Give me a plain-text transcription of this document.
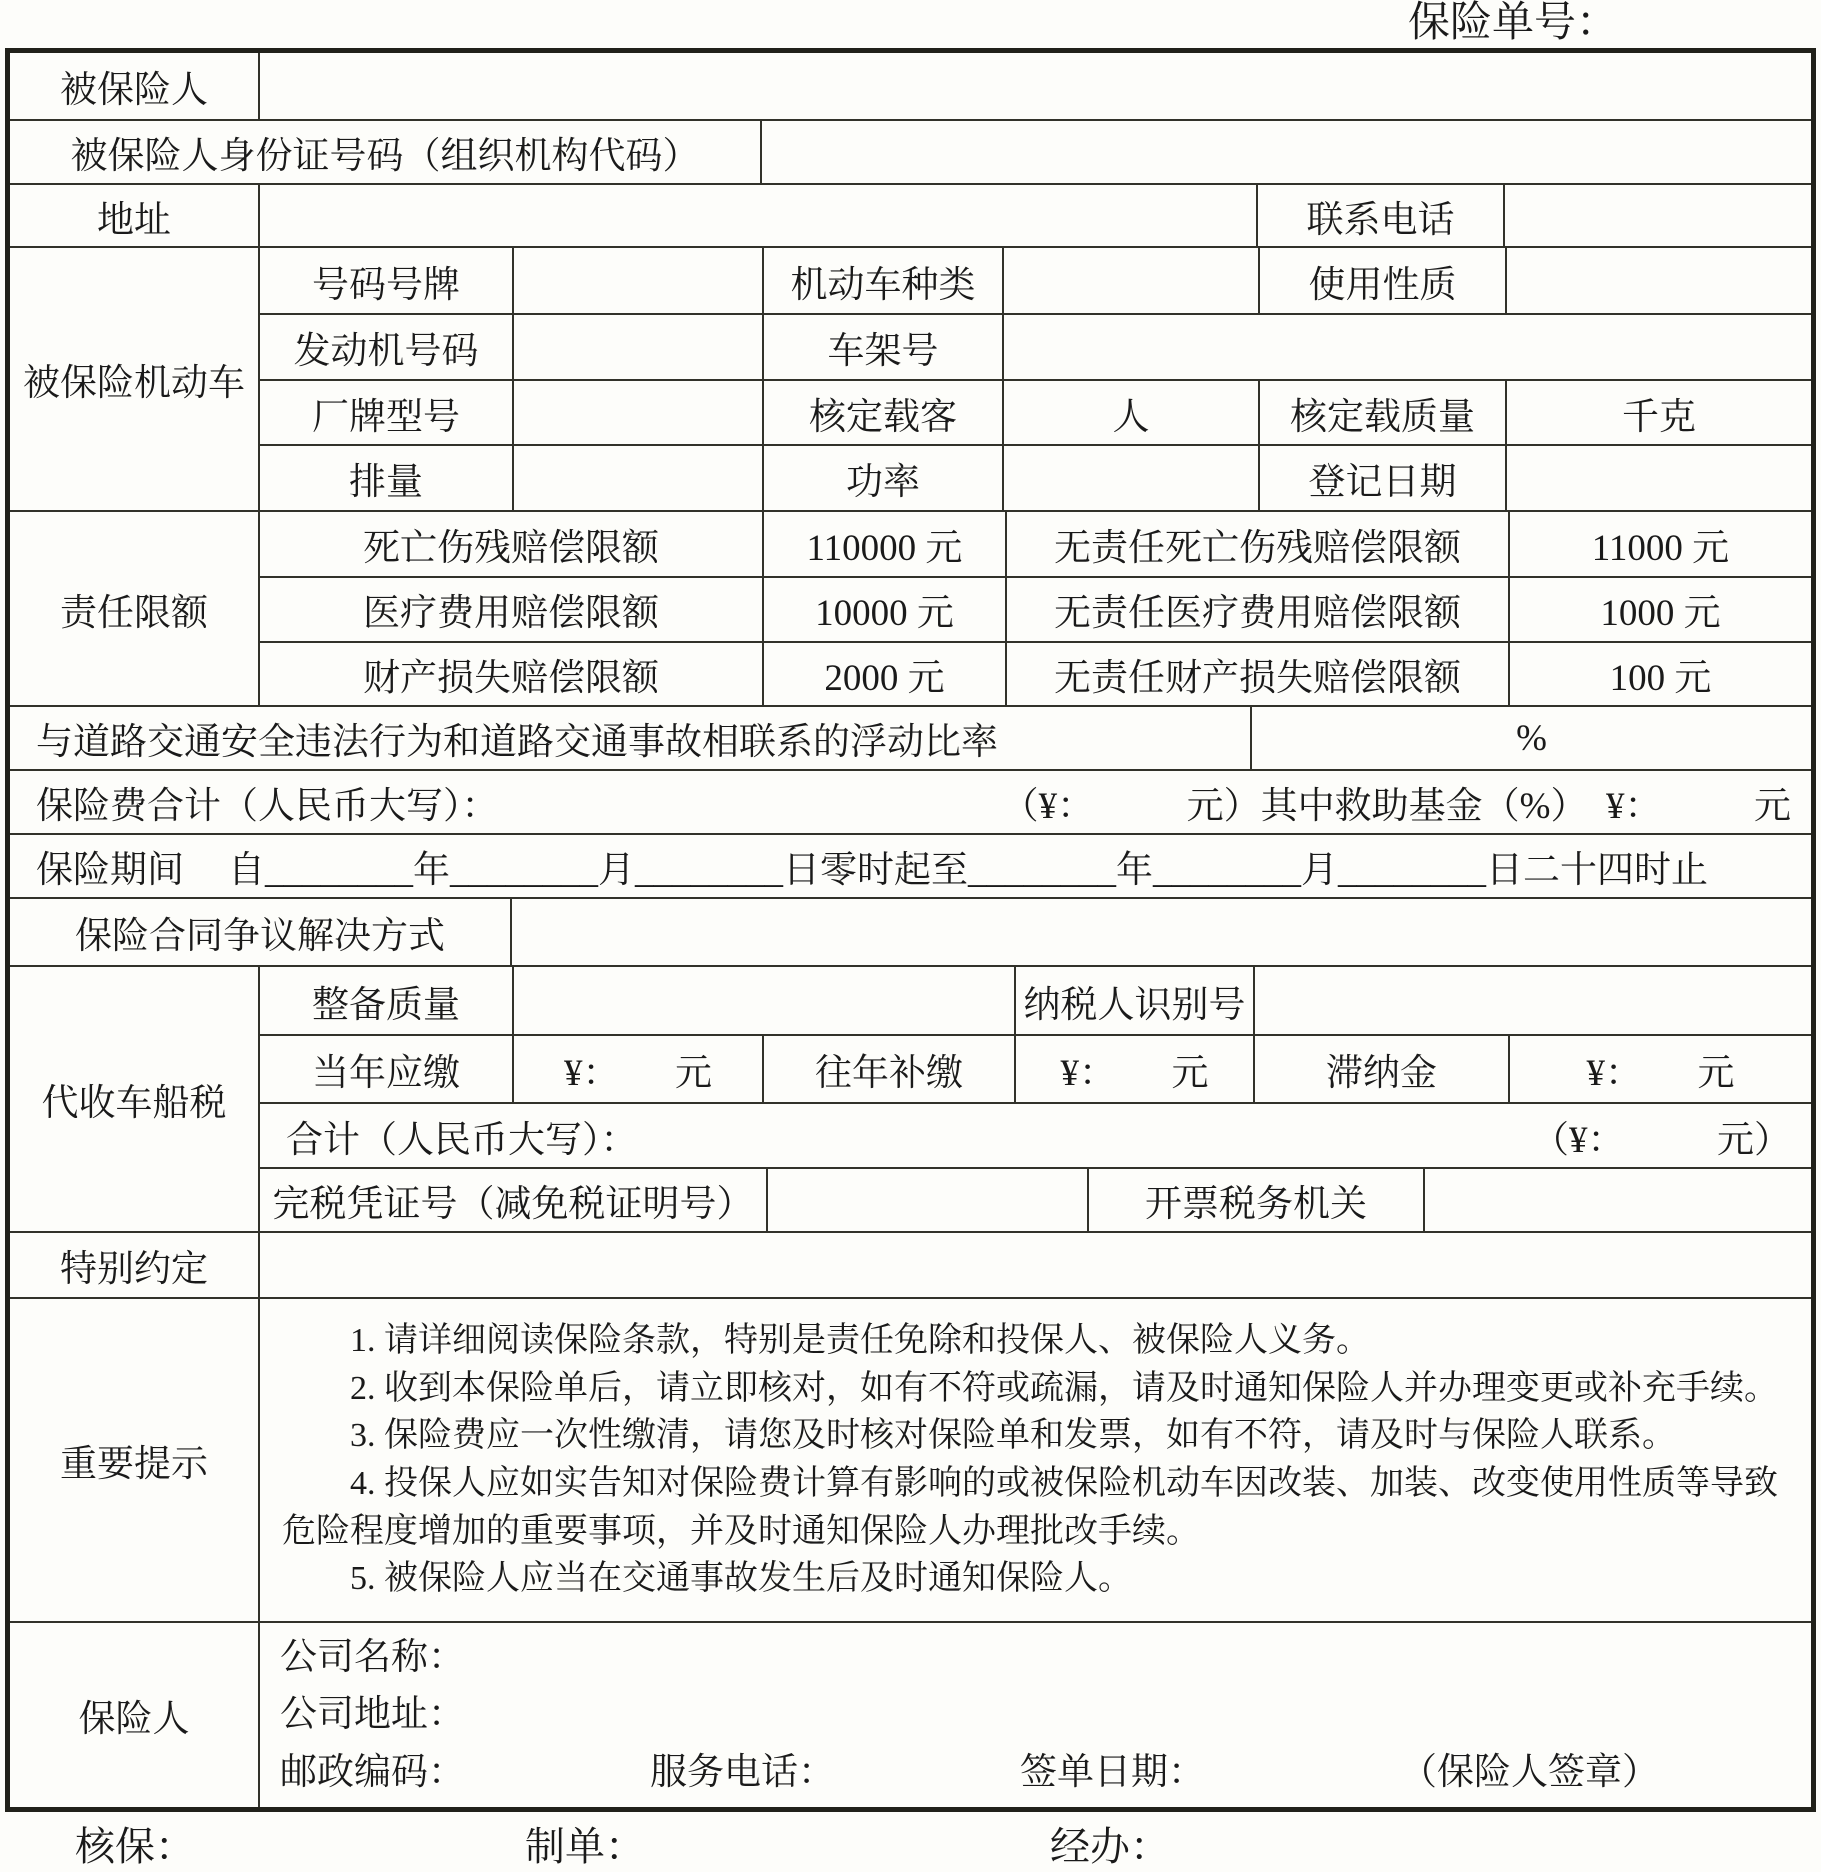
保险单号：
被保险人
被保险人身份证号码（组织机构代码）
地址	联系电话
被保险机动车
号码号牌	机动车种类	使用性质
发动机号码	车架号
厂牌型号	核定载客	人	核定载质量	千克
排量	功率	登记日期
责任限额
死亡伤残赔偿限额	110000 元	无责任死亡伤残赔偿限额	11000 元
医疗费用赔偿限额	10000 元	无责任医疗费用赔偿限额	1000 元
财产损失赔偿限额	2000 元	无责任财产损失赔偿限额	100 元
与道路交通安全违法行为和道路交通事故相联系的浮动比率	%
保险费合计（人民币大写）：	（¥：　　　元）其中救助基金（%）　¥：　　　元
保险期间 自________年________月________日零时起至________年________月________日二十四时止
保险合同争议解决方式
代收车船税
整备质量	纳税人识别号
当年应缴	¥：　　元	往年补缴	¥：　　元	滞纳金	¥：　　元
合计（人民币大写）：	（¥：　　　元）
完税凭证号（减免税证明号）	开票税务机关
特别约定
重要提示

1. 请详细阅读保险条款，特别是责任免除和投保人、被保险人义务。

2. 收到本保险单后，请立即核对，如有不符或疏漏，请及时通知保险人并办理变更或补充手续。

3. 保险费应一次性缴清，请您及时核对保险单和发票，如有不符，请及时与保险人联系。

4. 投保人应如实告知对保险费计算有影响的或被保险机动车因改装、加装、改变使用性质等导致危险程度增加的重要事项，并及时通知保险人办理批改手续。

5. 被保险人应当在交通事故发生后及时通知保险人。

保险人
公司名称：
公司地址：
邮政编码：	服务电话：	签单日期：	（保险人签章）
核保：	制单：	经办：
